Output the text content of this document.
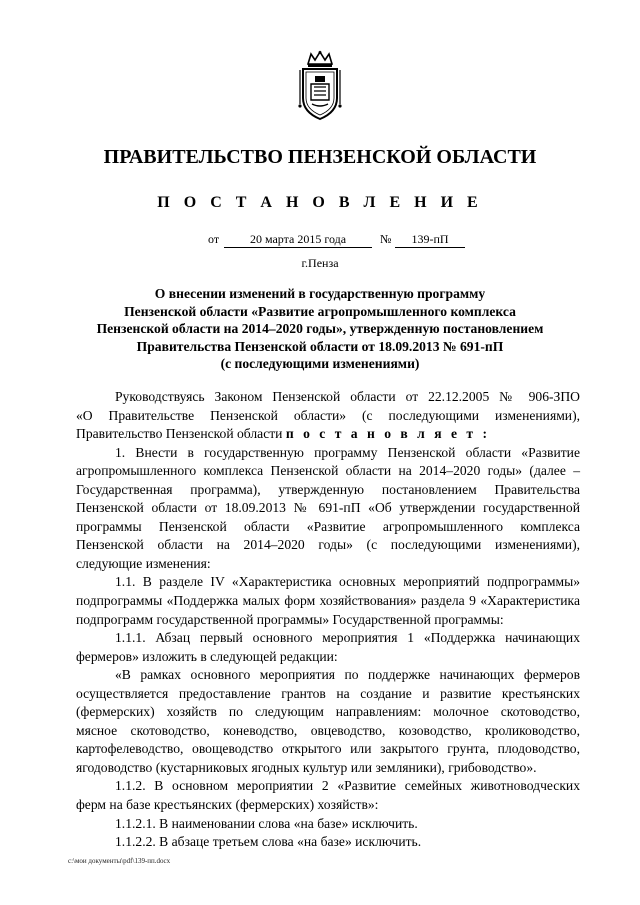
ПРАВИТЕЛЬСТВО ПЕНЗЕНСКОЙ ОБЛАСТИ
П О С Т А Н О В Л Е Н И Е
от	20 марта 2015 года	№	139-пП
г.Пенза
О внесении изменений в государственную программу
Пензенской области «Развитие агропромышленного комплекса
Пензенской области на 2014–2020 годы», утвержденную постановлением
Правительства Пензенской области от 18.09.2013 № 691-пП
(с последующими изменениями)
Руководствуясь Законом Пензенской области от 22.12.2005 № 906-ЗПО
«О Правительстве Пензенской области» (с последующими изменениями),
Правительство Пензенской области п о с т а н о в л я е т :
1. Внести в государственную программу Пензенской области «Развитие
агропромышленного комплекса Пензенской области на 2014–2020 годы» (далее –
Государственная программа), утвержденную постановлением Правительства
Пензенской области от 18.09.2013 № 691-пП «Об утверждении государственной
программы Пензенской области «Развитие агропромышленного комплекса
Пензенской области на 2014–2020 годы» (с последующими изменениями),
следующие изменения:
1.1. В разделе IV «Характеристика основных мероприятий подпрограммы»
подпрограммы «Поддержка малых форм хозяйствования» раздела 9 «Характеристика
подпрограмм государственной программы» Государственной программы:
1.1.1. Абзац первый основного мероприятия 1 «Поддержка начинающих
фермеров» изложить в следующей редакции:
«В рамках основного мероприятия по поддержке начинающих фермеров
осуществляется предоставление грантов на создание и развитие крестьянских
(фермерских) хозяйств по следующим направлениям: молочное скотоводство,
мясное скотоводство, коневодство, овцеводство, козоводство, кролиководство,
картофелеводство, овощеводство открытого или закрытого грунта, плодоводство,
ягодоводство (кустарниковых ягодных культур или земляники), грибоводство».
1.1.2. В основном мероприятии 2 «Развитие семейных животноводческих
ферм на базе крестьянских (фермерских) хозяйств»:
1.1.2.1. В наименовании слова «на базе» исключить.
1.1.2.2. В абзаце третьем слова «на базе» исключить.
c:\мои документы\pdf\139-пп.docx
